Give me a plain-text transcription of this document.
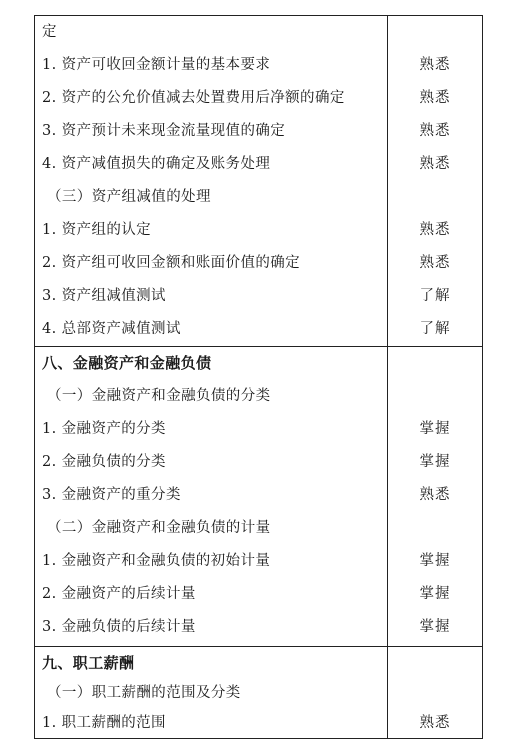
定
1. 资产可收回金额计量的基本要求	熟悉
2. 资产的公允价值减去处置费用后净额的确定	熟悉
3. 资产预计未来现金流量现值的确定	熟悉
4. 资产减值损失的确定及账务处理	熟悉
（三）资产组减值的处理
1. 资产组的认定	熟悉
2. 资产组可收回金额和账面价值的确定	熟悉
3. 资产组减值测试	了解
4. 总部资产减值测试	了解
八、金融资产和金融负债
（一）金融资产和金融负债的分类
1. 金融资产的分类	掌握
2. 金融负债的分类	掌握
3. 金融资产的重分类	熟悉
（二）金融资产和金融负债的计量
1. 金融资产和金融负债的初始计量	掌握
2. 金融资产的后续计量	掌握
3. 金融负债的后续计量	掌握
九、职工薪酬
（一）职工薪酬的范围及分类
1. 职工薪酬的范围	熟悉
